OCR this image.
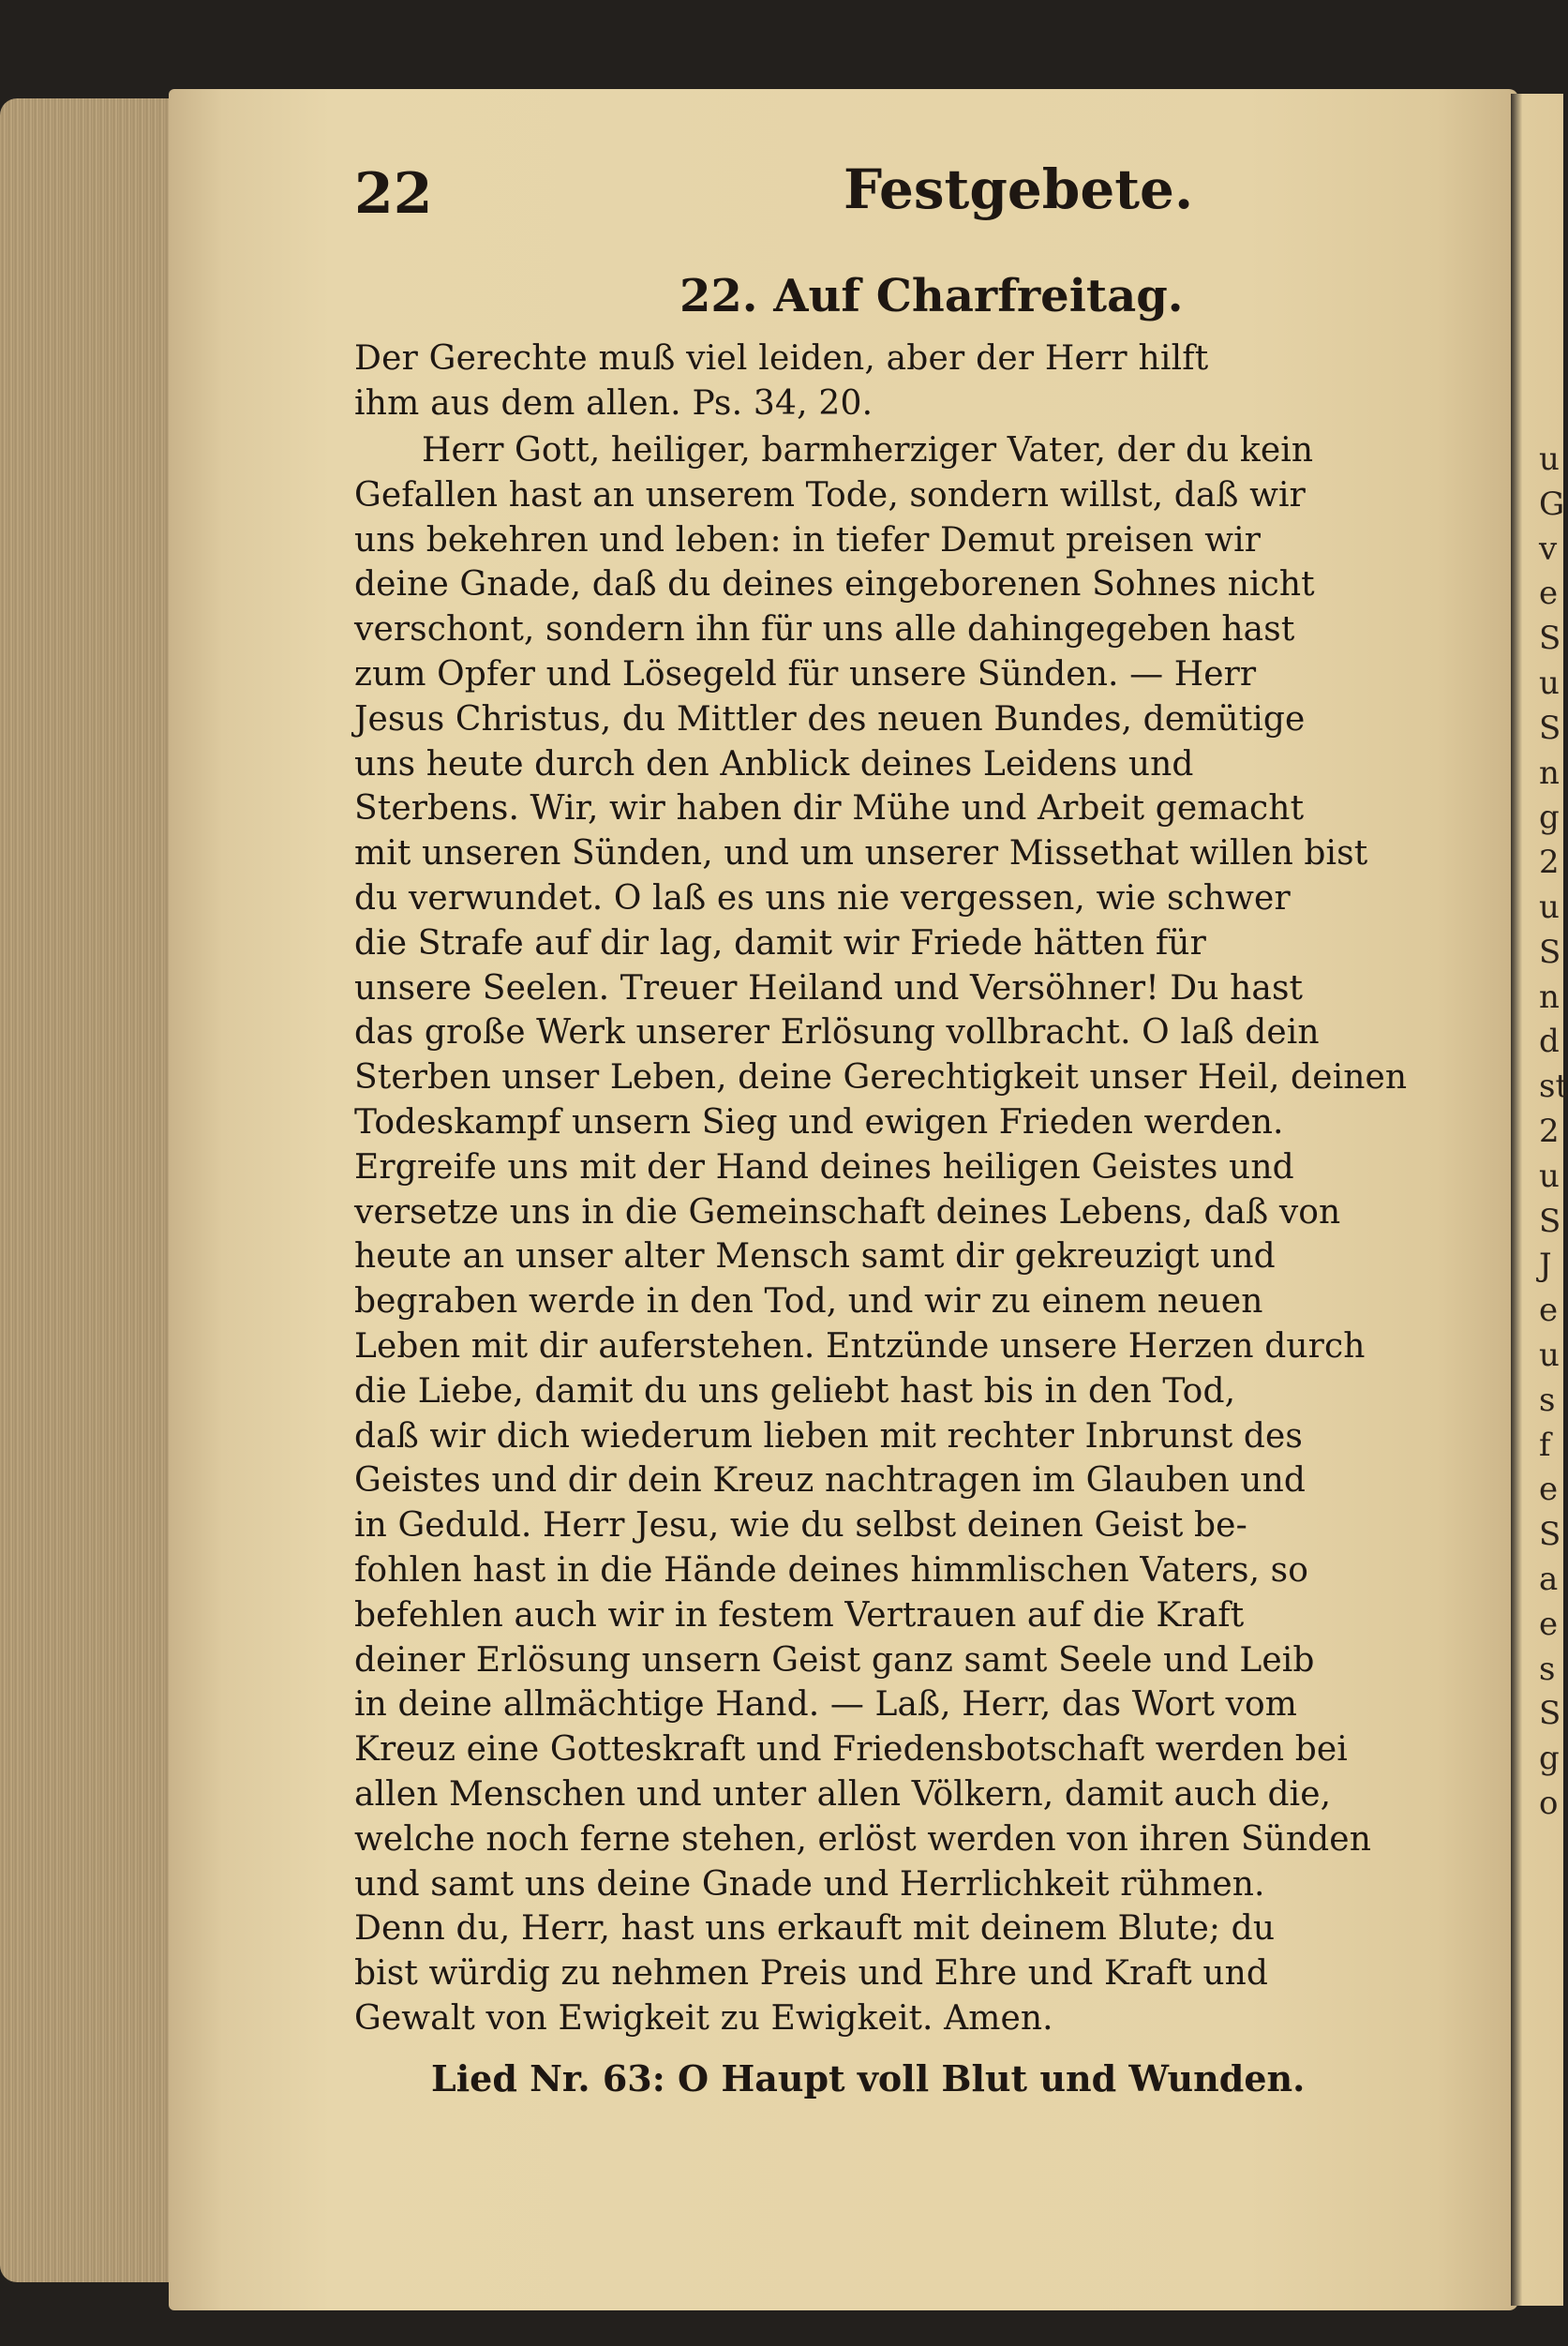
22	Festgebete.
22. Auf Charfreitag.
Der Gerechte muß viel leiden, aber der Herr hilft
ihm aus dem allen. Ps. 34, 20.
Herr Gott, heiliger, barmherziger Vater, der du kein
Gefallen hast an unserem Tode, sondern willst, daß wir
uns bekehren und leben: in tiefer Demut preisen wir
deine Gnade, daß du deines eingeborenen Sohnes nicht
verschont, sondern ihn für uns alle dahingegeben hast
zum Opfer und Lösegeld für unsere Sünden. — Herr
Jesus Christus, du Mittler des neuen Bundes, demütige
uns heute durch den Anblick deines Leidens und
Sterbens. Wir, wir haben dir Mühe und Arbeit gemacht
mit unseren Sünden, und um unserer Missethat willen bist
du verwundet. O laß es uns nie vergessen, wie schwer
die Strafe auf dir lag, damit wir Friede hätten für
unsere Seelen. Treuer Heiland und Versöhner! Du hast
das große Werk unserer Erlösung vollbracht. O laß dein
Sterben unser Leben, deine Gerechtigkeit unser Heil, deinen
Todeskampf unsern Sieg und ewigen Frieden werden.
Ergreife uns mit der Hand deines heiligen Geistes und
versetze uns in die Gemeinschaft deines Lebens, daß von
heute an unser alter Mensch samt dir gekreuzigt und
begraben werde in den Tod, und wir zu einem neuen
Leben mit dir auferstehen. Entzünde unsere Herzen durch
die Liebe, damit du uns geliebt hast bis in den Tod,
daß wir dich wiederum lieben mit rechter Inbrunst des
Geistes und dir dein Kreuz nachtragen im Glauben und
in Geduld. Herr Jesu, wie du selbst deinen Geist be-
fohlen hast in die Hände deines himmlischen Vaters, so
befehlen auch wir in festem Vertrauen auf die Kraft
deiner Erlösung unsern Geist ganz samt Seele und Leib
in deine allmächtige Hand. — Laß, Herr, das Wort vom
Kreuz eine Gotteskraft und Friedensbotschaft werden bei
allen Menschen und unter allen Völkern, damit auch die,
welche noch ferne stehen, erlöst werden von ihren Sünden
und samt uns deine Gnade und Herrlichkeit rühmen.
Denn du, Herr, hast uns erkauft mit deinem Blute; du
bist würdig zu nehmen Preis und Ehre und Kraft und
Gewalt von Ewigkeit zu Ewigkeit. Amen.
Lied Nr. 63: O Haupt voll Blut und Wunden.
u
G
v
e
S
u
S
n
g
2
u
S
n
d
st
2
u
S
J
e
u
s
f
e
S
a
e
s
S
g
o
